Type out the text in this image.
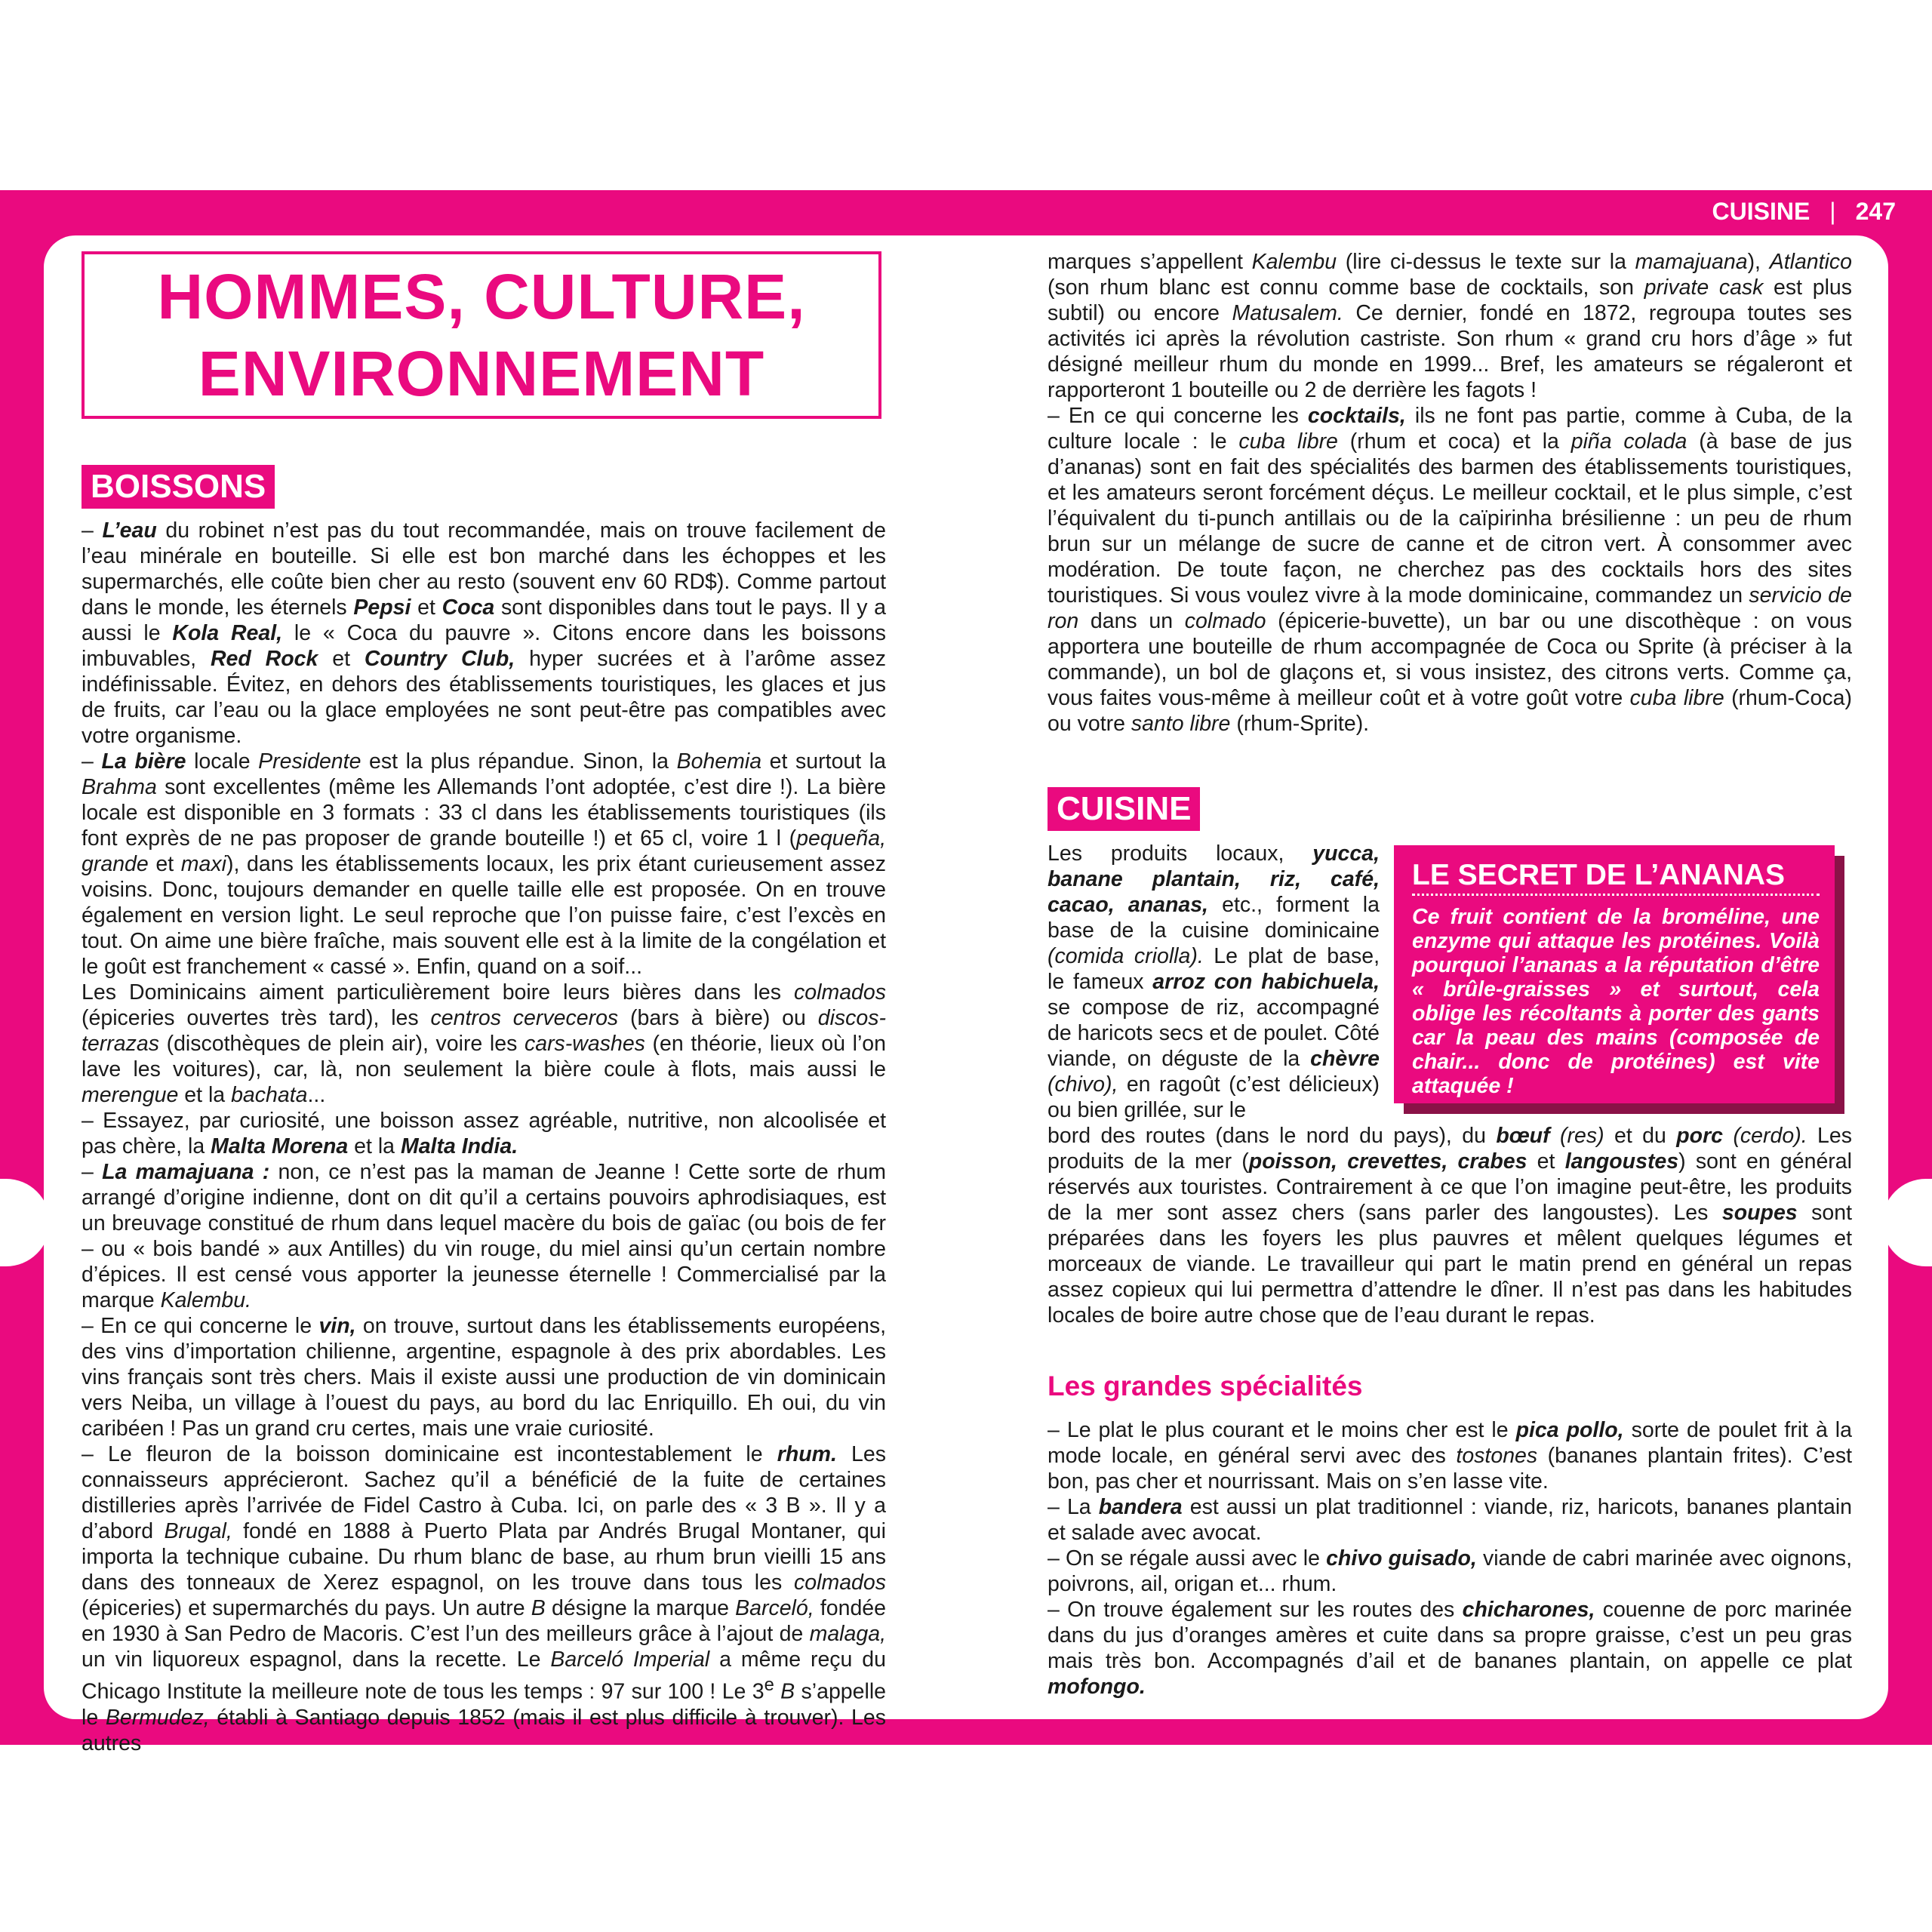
CUISINE | 247
HOMMES, CULTURE,
ENVIRONNEMENT
BOISSONS

– L’eau du robinet n’est pas du tout recommandée, mais on trouve facilement de l’eau minérale en bouteille. Si elle est bon marché dans les échoppes et les supermarchés, elle coûte bien cher au resto (souvent env 60 RD$). Comme partout dans le monde, les éternels Pepsi et Coca sont disponibles dans tout le pays. Il y a aussi le Kola Real, le « Coca du pauvre ». Citons encore dans les boissons imbuvables, Red Rock et Country Club, hyper sucrées et à l’arôme assez indéfinissable. Évitez, en dehors des établissements touristiques, les glaces et jus de fruits, car l’eau ou la glace employées ne sont peut-être pas compatibles avec votre organisme.

– La bière locale Presidente est la plus répandue. Sinon, la Bohemia et surtout la Brahma sont excellentes (même les Allemands l’ont adoptée, c’est dire !). La bière locale est disponible en 3 formats : 33 cl dans les établissements touristiques (ils font exprès de ne pas proposer de grande bouteille !) et 65 cl, voire 1 l (pequeña, grande et maxi), dans les établissements locaux, les prix étant curieusement assez voisins. Donc, toujours demander en quelle taille elle est proposée. On en trouve également en version light. Le seul reproche que l’on puisse faire, c’est l’excès en tout. On aime une bière fraîche, mais souvent elle est à la limite de la congélation et le goût est franchement « cassé ». Enfin, quand on a soif...

Les Dominicains aiment particulièrement boire leurs bières dans les colmados (épiceries ouvertes très tard), les centros cerveceros (bars à bière) ou discos-terrazas (discothèques de plein air), voire les cars-washes (en théorie, lieux où l’on lave les voitures), car, là, non seulement la bière coule à flots, mais aussi le merengue et la bachata...

– Essayez, par curiosité, une boisson assez agréable, nutritive, non alcoolisée et pas chère, la Malta Morena et la Malta India.

– La mamajuana : non, ce n’est pas la maman de Jeanne ! Cette sorte de rhum arrangé d’origine indienne, dont on dit qu’il a certains pouvoirs aphrodisiaques, est un breuvage constitué de rhum dans lequel macère du bois de gaïac (ou bois de fer – ou « bois bandé » aux Antilles) du vin rouge, du miel ainsi qu’un certain nombre d’épices. Il est censé vous apporter la jeunesse éternelle ! Commercialisé par la marque Kalembu.

– En ce qui concerne le vin, on trouve, surtout dans les établissements européens, des vins d’importation chilienne, argentine, espagnole à des prix abordables. Les vins français sont très chers. Mais il existe aussi une production de vin dominicain vers Neiba, un village à l’ouest du pays, au bord du lac Enriquillo. Eh oui, du vin caribéen ! Pas un grand cru certes, mais une vraie curiosité.

– Le fleuron de la boisson dominicaine est incontestablement le rhum. Les connaisseurs apprécieront. Sachez qu’il a bénéficié de la fuite de certaines distilleries après l’arrivée de Fidel Castro à Cuba. Ici, on parle des « 3 B ». Il y a d’abord Brugal, fondé en 1888 à Puerto Plata par Andrés Brugal Montaner, qui importa la technique cubaine. Du rhum blanc de base, au rhum brun vieilli 15 ans dans des tonneaux de Xerez espagnol, on les trouve dans tous les colmados (épiceries) et supermarchés du pays. Un autre B désigne la marque Barceló, fondée en 1930 à San Pedro de Macoris. C’est l’un des meilleurs grâce à l’ajout de malaga, un vin liquoreux espagnol, dans la recette. Le Barceló Imperial a même reçu du Chicago Institute la meilleure note de tous les temps : 97 sur 100 ! Le 3e B s’appelle le Bermudez, établi à Santiago depuis 1852 (mais il est plus difficile à trouver). Les autres

marques s’appellent Kalembu (lire ci-dessus le texte sur la mamajuana), Atlantico (son rhum blanc est connu comme base de cocktails, son private cask est plus subtil) ou encore Matusalem. Ce dernier, fondé en 1872, regroupa toutes ses activités ici après la révolution castriste. Son rhum « grand cru hors d’âge » fut désigné meilleur rhum du monde en 1999... Bref, les amateurs se régaleront et rapporteront 1 bouteille ou 2 de derrière les fagots !

– En ce qui concerne les cocktails, ils ne font pas partie, comme à Cuba, de la culture locale : le cuba libre (rhum et coca) et la piña colada (à base de jus d’ananas) sont en fait des spécialités des barmen des établissements touristiques, et les amateurs seront forcément déçus. Le meilleur cocktail, et le plus simple, c’est l’équivalent du ti-punch antillais ou de la caïpirinha brésilienne : un peu de rhum brun sur un mélange de sucre de canne et de citron vert. À consommer avec modération. De toute façon, ne cherchez pas des cocktails hors des sites touristiques. Si vous voulez vivre à la mode dominicaine, commandez un servicio de ron dans un colmado (épicerie-buvette), un bar ou une discothèque : on vous apportera une bouteille de rhum accompagnée de Coca ou Sprite (à préciser à la commande), un bol de glaçons et, si vous insistez, des citrons verts. Comme ça, vous faites vous-même à meilleur coût et à votre goût votre cuba libre (rhum-Coca) ou votre santo libre (rhum-Sprite).

CUISINE

Les produits locaux, yucca, banane plantain, riz, café, cacao, ananas, etc., forment la base de la cuisine dominicaine (comida criolla). Le plat de base, le fameux arroz con habichuela, se compose de riz, accompagné de haricots secs et de poulet. Côté viande, on déguste de la chèvre (chivo), en ragoût (c’est délicieux) ou bien grillée, sur le

LE SECRET DE L’ANANAS

Ce fruit contient de la broméline, une enzyme qui attaque les protéines. Voilà pourquoi l’ananas a la réputation d’être « brûle-graisses » et surtout, cela oblige les récoltants à porter des gants car la peau des mains (composée de chair... donc de protéines) est vite attaquée !

bord des routes (dans le nord du pays), du bœuf (res) et du porc (cerdo). Les produits de la mer (poisson, crevettes, crabes et langoustes) sont en général réservés aux touristes. Contrairement à ce que l’on imagine peut-être, les produits de la mer sont assez chers (sans parler des langoustes). Les soupes sont préparées dans les foyers les plus pauvres et mêlent quelques légumes et morceaux de viande. Le travailleur qui part le matin prend en général un repas assez copieux qui lui permettra d’attendre le dîner. Il n’est pas dans les habitudes locales de boire autre chose que de l’eau durant le repas.

Les grandes spécialités

– Le plat le plus courant et le moins cher est le pica pollo, sorte de poulet frit à la mode locale, en général servi avec des tostones (bananes plantain frites). C’est bon, pas cher et nourrissant. Mais on s’en lasse vite.

– La bandera est aussi un plat traditionnel : viande, riz, haricots, bananes plantain et salade avec avocat.

– On se régale aussi avec le chivo guisado, viande de cabri marinée avec oignons, poivrons, ail, origan et... rhum.

– On trouve également sur les routes des chicharones, couenne de porc marinée dans du jus d’oranges amères et cuite dans sa propre graisse, c’est un peu gras mais très bon. Accompagnés d’ail et de bananes plantain, on appelle ce plat mofongo.
